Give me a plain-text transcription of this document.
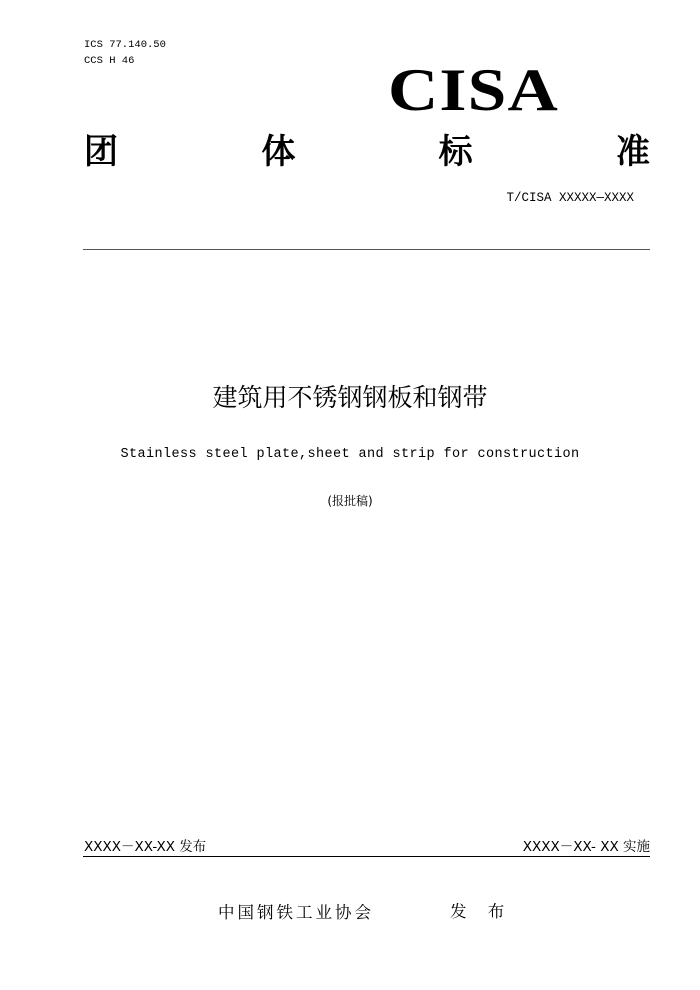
ICS 77.140.50
CCS H 46	CISA
团	体	标	准
T/CISA XXXXX—XXXX
建筑用不锈钢钢板和钢带
Stainless steel plate,sheet and strip for construction
(报批稿)
XXXX－XX-XX 发布	XXXX－XX- XX 实施
中国钢铁工业协会	发 布
